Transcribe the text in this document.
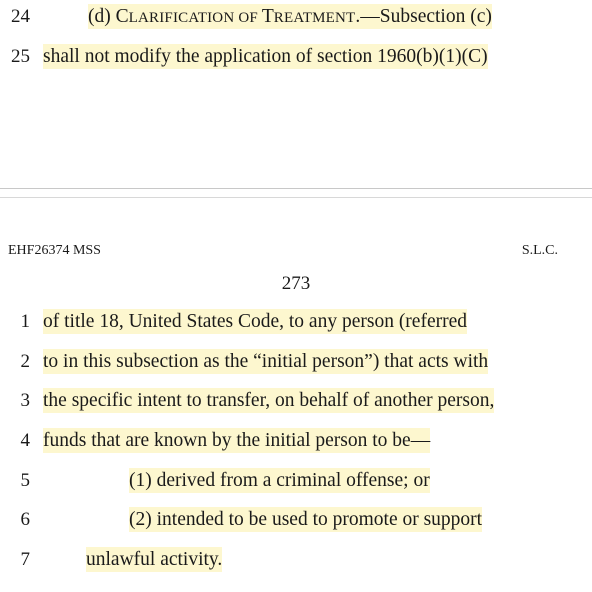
24	(d) CLARIFICATION OF TREATMENT.—Subsection (c)
25 shall not modify the application of section 1960(b)(1)(C)
EHF26374 MSS	S.L.C.
273
1 of title 18, United States Code, to any person (referred
2 to in this subsection as the “initial person”) that acts with
3 the specific intent to transfer, on behalf of another person,
4 funds that are known by the initial person to be—
5	(1) derived from a criminal offense; or
6	(2) intended to be used to promote or support
7	unlawful activity.
